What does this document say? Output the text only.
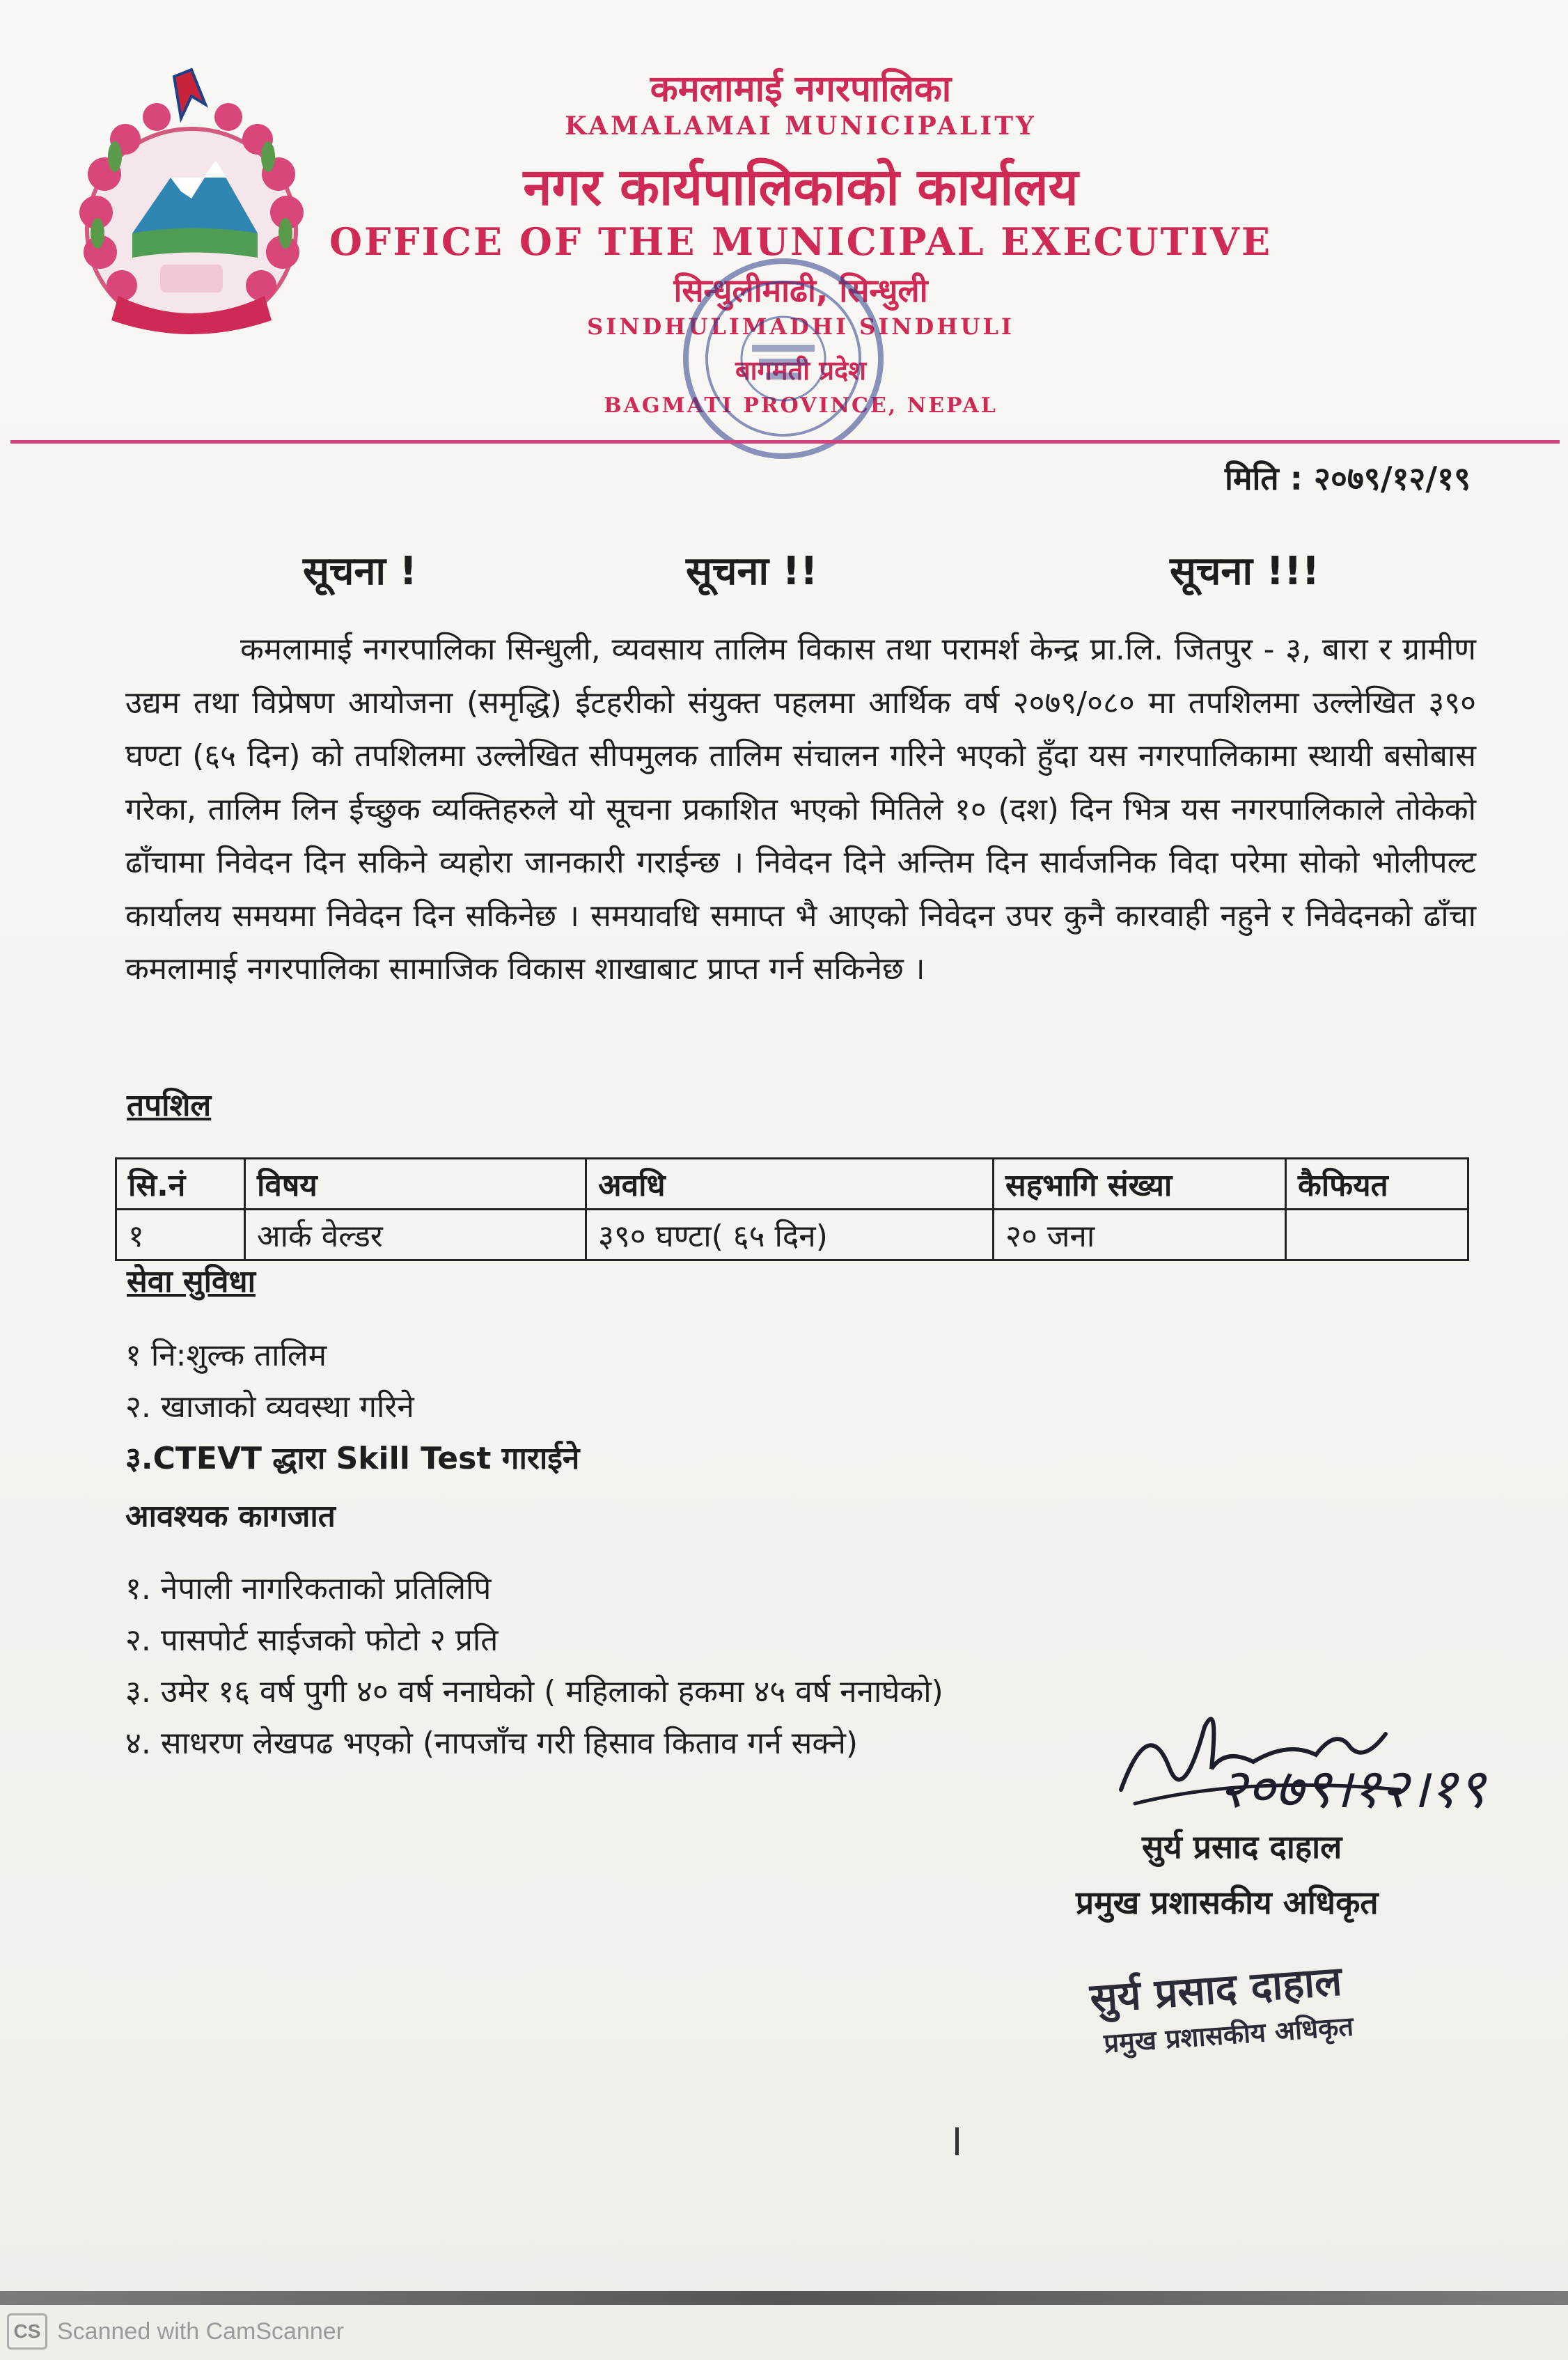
कमलामाई नगरपालिका
KAMALAMAI MUNICIPALITY
नगर कार्यपालिकाको कार्यालय
OFFICE OF THE MUNICIPAL EXECUTIVE
सिन्धुलीमाढी, सिन्धुली
SINDHULIMADHI SINDHULI
बागमती प्रदेश
BAGMATI PROVINCE, NEPAL
मिति : २०७९/१२/१९
सूचना !	सूचना !!	सूचना !!!
कमलामाई नगरपालिका सिन्धुली, व्यवसाय तालिम विकास तथा परामर्श केन्द्र प्रा.लि. जितपुर - ३, बारा र ग्रामीण उद्यम तथा विप्रेषण आयोजना (समृद्धि) ईटहरीको संयुक्त पहलमा आर्थिक वर्ष २०७९/०८० मा तपशिलमा उल्लेखित ३९० घण्टा (६५ दिन) को तपशिलमा उल्लेखित सीपमुलक तालिम संचालन गरिने भएको हुँदा यस नगरपालिकामा स्थायी बसोबास गरेका, तालिम लिन ईच्छुक व्यक्तिहरुले यो सूचना प्रकाशित भएको मितिले १० (दश) दिन भित्र यस नगरपालिकाले तोकेको ढाँचामा निवेदन दिन सकिने व्यहोरा जानकारी गराईन्छ । निवेदन दिने अन्तिम दिन सार्वजनिक विदा परेमा सोको भोलीपल्ट कार्यालय समयमा निवेदन दिन सकिनेछ । समयावधि समाप्त भै आएको निवेदन उपर कुनै कारवाही नहुने र निवेदनको ढाँचा कमलामाई नगरपालिका सामाजिक विकास शाखाबाट प्राप्त गर्न सकिनेछ ।
तपशिल
सि.नं	विषय	अवधि	सहभागि संख्या	कैफियत
१	आर्क वेल्डर	३९० घण्टा( ६५ दिन)	२० जना	
सेवा सुविधा
१ नि:शुल्क तालिम
२. खाजाको व्यवस्था गरिने
३.CTEVT द्धारा Skill Test गाराईने
आवश्यक कागजात
१. नेपाली नागरिकताको प्रतिलिपि
२. पासपोर्ट साईजको फोटो २ प्रति
३. उमेर १६ वर्ष पुगी ४० वर्ष ननाघेको ( महिलाको हकमा ४५ वर्ष ननाघेको)
४. साधरण लेखपढ भएको (नापजाँच गरी हिसाव किताव गर्न सक्ने)
२०७९।१२।१९
सुर्य प्रसाद दाहाल
प्रमुख प्रशासकीय अधिकृत
सुर्य प्रसाद दाहाल
प्रमुख प्रशासकीय अधिकृत
CS Scanned with CamScanner
